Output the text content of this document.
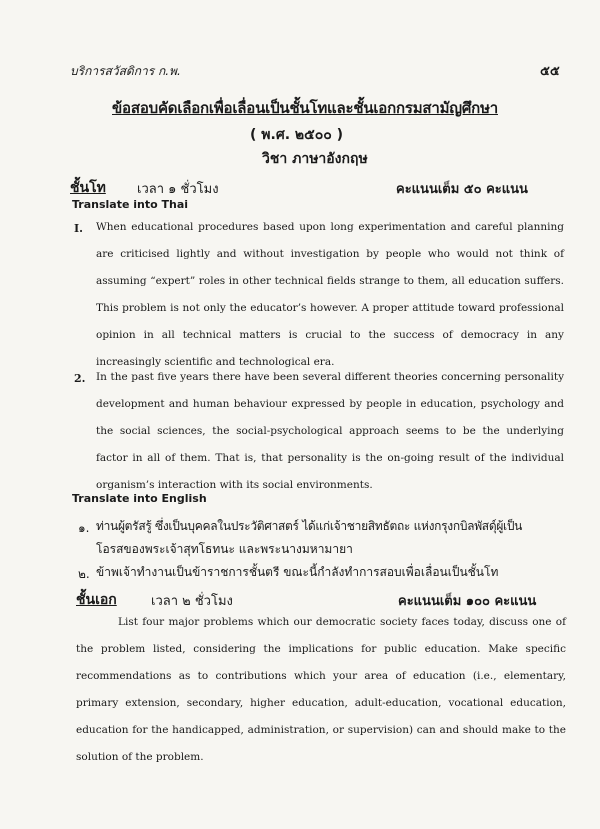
บริการสวัสดิการ ก.พ.	๕๕
ข้อสอบคัดเลือกเพื่อเลื่อนเป็นชั้นโทและชั้นเอกกรมสามัญศึกษา
( พ.ศ. ๒๕๐๐ )
วิชา ภาษาอังกฤษ
ชั้นโท เวลา ๑ ชั่วโมง	คะแนนเต็ม ๕๐ คะแนน
Translate into Thai
I. When educational procedures based upon long experimentation and careful planning are criticised lightly and without investigation by people who would not think of assuming “expert” roles in other technical fields strange to them, all education suffers. This problem is not only the educator’s however. A proper attitude toward professional opinion in all technical matters is crucial to the success of democracy in any increasingly scientific and technological era.
2. In the past five years there have been several different theories concerning personality development and human behaviour expressed by people in education, psychology and the social sciences, the social-psychological approach seems to be the underlying factor in all of them. That is, that personality is the on-going result of the individual organism’s interaction with its social environments.
Translate into English
๑. ท่านผู้ตรัสรู้ ซึ่งเป็นบุคคลในประวัติศาสตร์ ได้แก่เจ้าชายสิทธัตถะ แห่งกรุงกบิลพัสดุ์ผู้เป็น
โอรสของพระเจ้าสุทโธทนะ และพระนางมหามายา
๒. ข้าพเจ้าทำงานเป็นข้าราชการชั้นตรี ขณะนี้กำลังทำการสอบเพื่อเลื่อนเป็นชั้นโท
ชั้นเอก	เวลา ๒ ชั่วโมง	คะแนนเต็ม ๑๐๐ คะแนน
List four major problems which our democratic society faces today, discuss one of the problem listed, considering the implications for public education. Make specific recommendations as to contributions which your area of education (i.e., elementary, primary extension, secondary, higher education, adult-education, vocational education, education for the handicapped, administration, or supervision) can and should make to the solution of the problem.
